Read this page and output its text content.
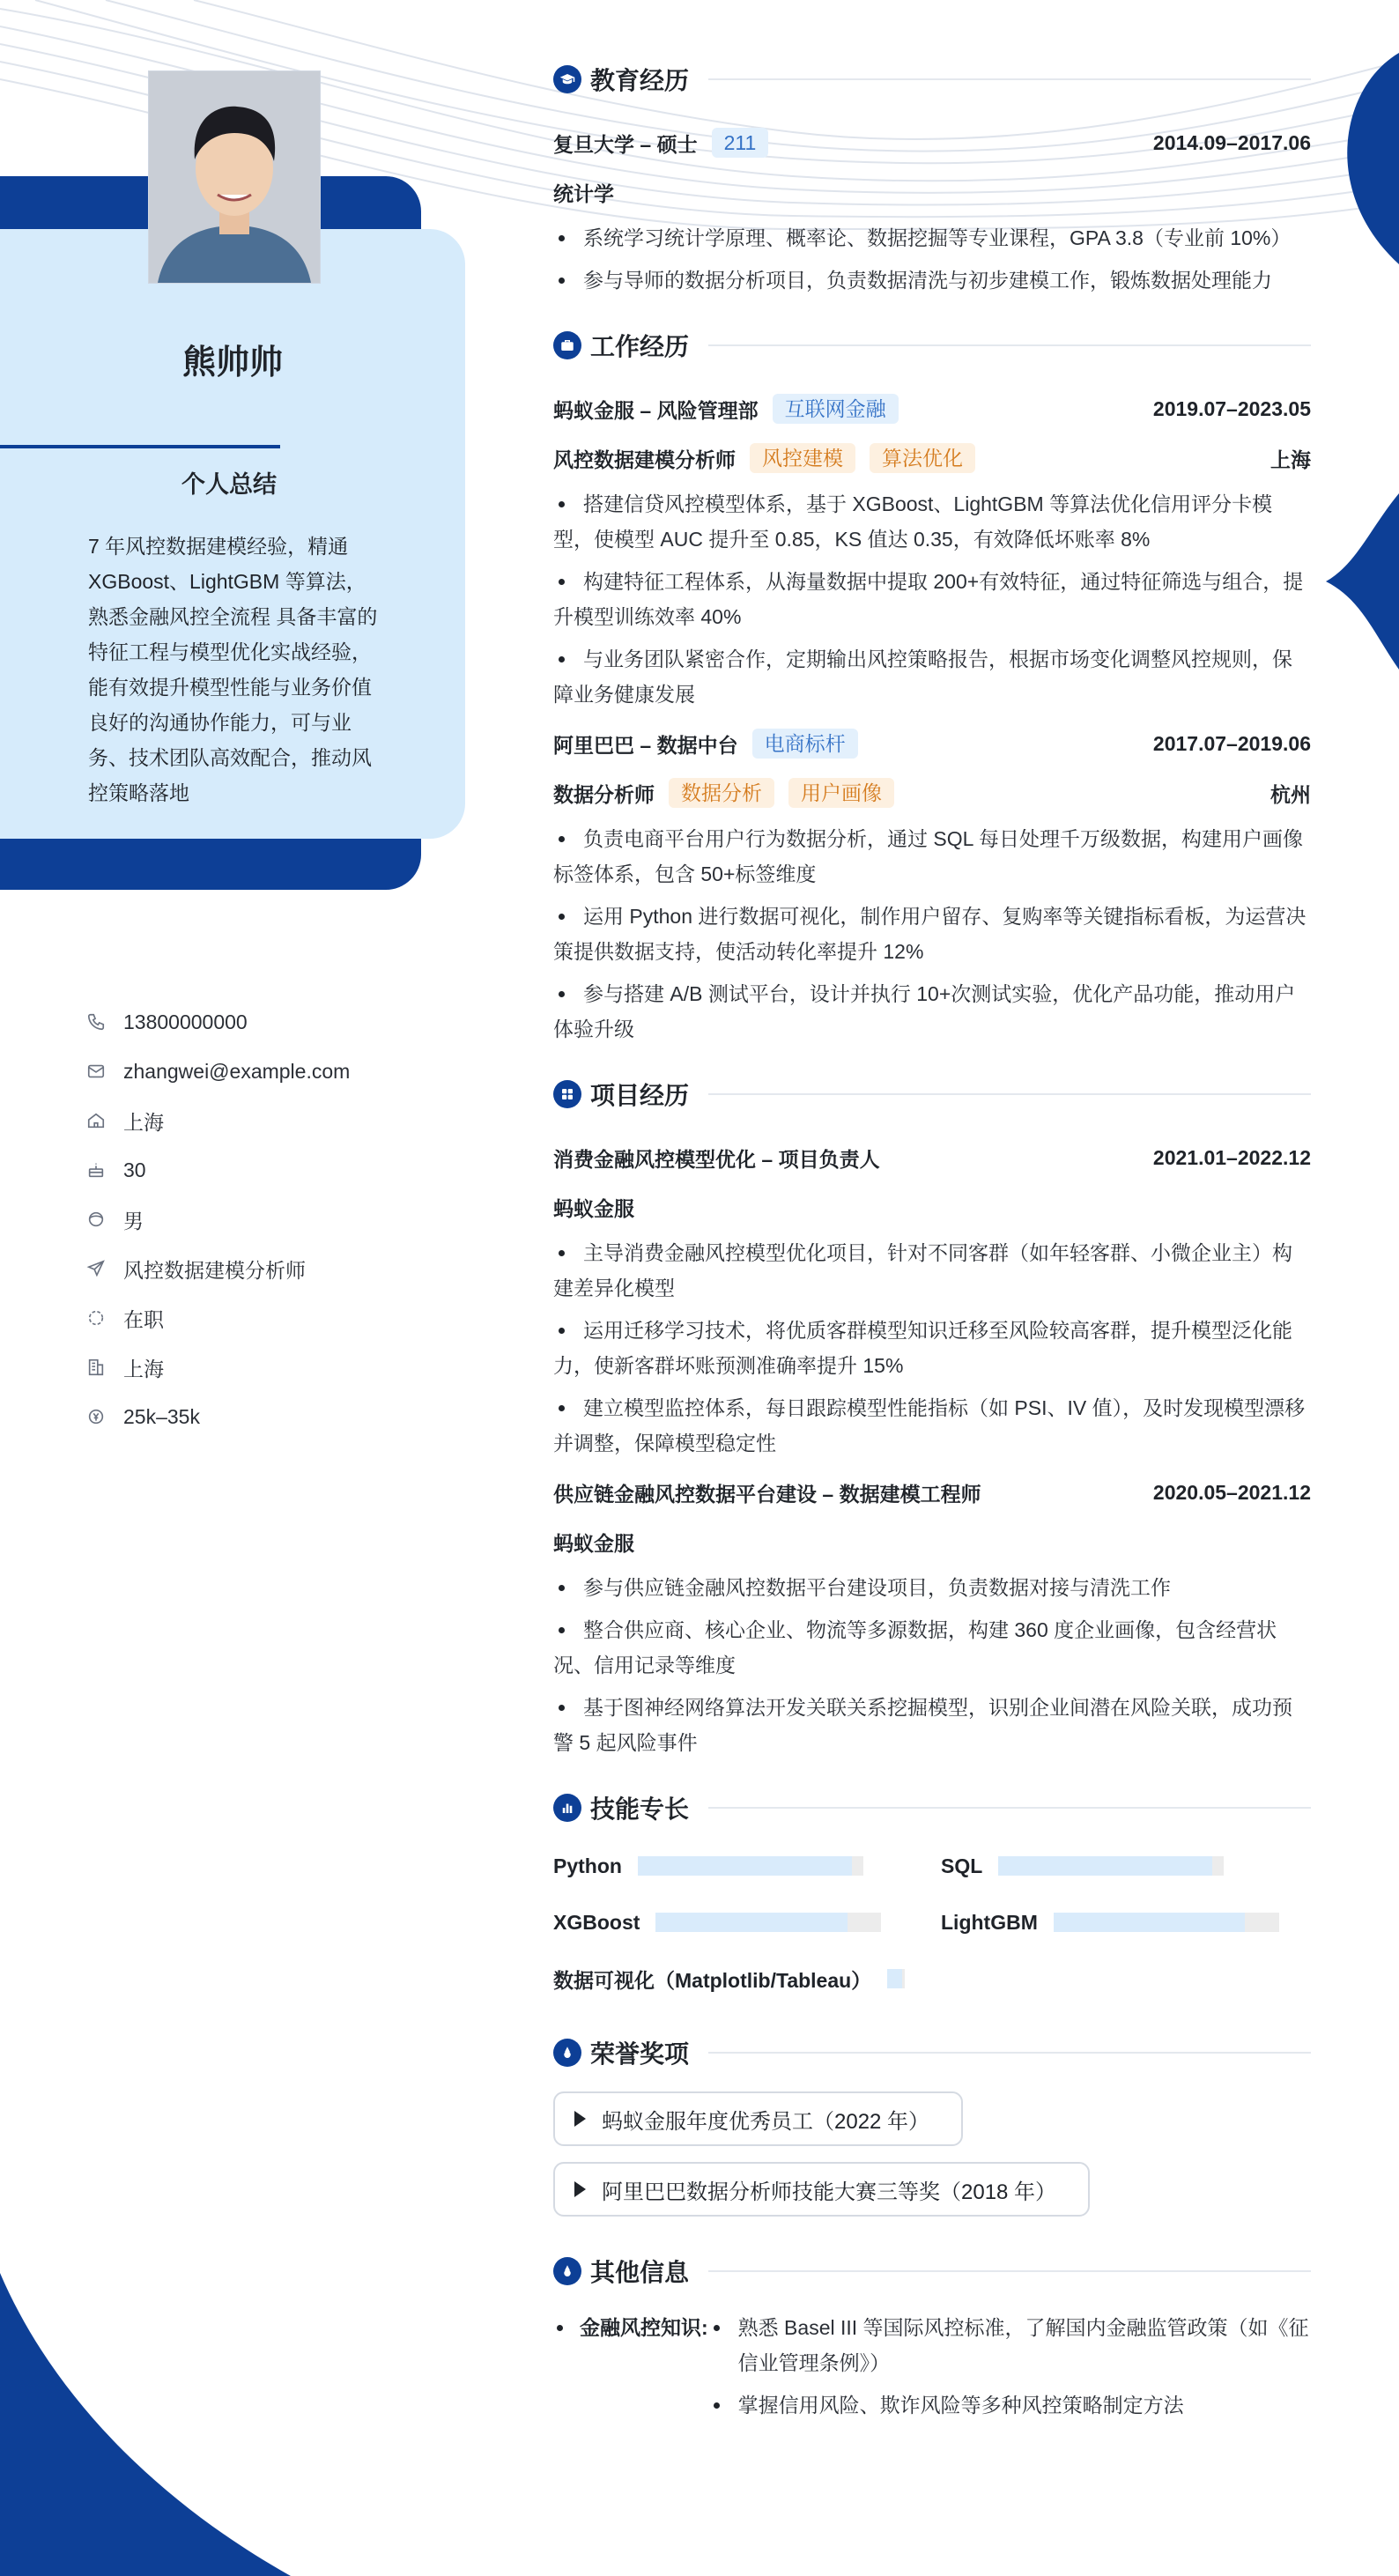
熊帅帅
个人总结
7 年风控数据建模经验，精通 XGBoost、LightGBM 等算法，熟悉金融风控全流程 具备丰富的特征工程与模型优化实战经验，能有效提升模型性能与业务价值 良好的沟通协作能力，可与业务、技术团队高效配合，推动风控策略落地
13800000000
zhangwei@example.com
上海
30
男
风控数据建模分析师
在职
上海
25k–35k
教育经历
复旦大学 – 硕士	211	2014.09–2017.06
统计学
系统学习统计学原理、概率论、数据挖掘等专业课程，GPA 3.8（专业前 10%）
参与导师的数据分析项目，负责数据清洗与初步建模工作，锻炼数据处理能力
工作经历
蚂蚁金服 – 风险管理部	互联网金融	2019.07–2023.05
风控数据建模分析师	风控建模	算法优化	上海
搭建信贷风控模型体系，基于 XGBoost、LightGBM 等算法优化信用评分卡模型，使模型 AUC 提升至 0.85，KS 值达 0.35，有效降低坏账率 8%
构建特征工程体系，从海量数据中提取 200+有效特征，通过特征筛选与组合，提升模型训练效率 40%
与业务团队紧密合作，定期输出风控策略报告，根据市场变化调整风控规则，保障业务健康发展
阿里巴巴 – 数据中台	电商标杆	2017.07–2019.06
数据分析师	数据分析	用户画像	杭州
负责电商平台用户行为数据分析，通过 SQL 每日处理千万级数据，构建用户画像标签体系，包含 50+标签维度
运用 Python 进行数据可视化，制作用户留存、复购率等关键指标看板，为运营决策提供数据支持，使活动转化率提升 12%
参与搭建 A/B 测试平台，设计并执行 10+次测试实验，优化产品功能，推动用户体验升级
项目经历
消费金融风控模型优化 – 项目负责人	2021.01–2022.12
蚂蚁金服
主导消费金融风控模型优化项目，针对不同客群（如年轻客群、小微企业主）构建差异化模型
运用迁移学习技术，将优质客群模型知识迁移至风险较高客群，提升模型泛化能力，使新客群坏账预测准确率提升 15%
建立模型监控体系，每日跟踪模型性能指标（如 PSI、IV 值），及时发现模型漂移并调整，保障模型稳定性
供应链金融风控数据平台建设 – 数据建模工程师	2020.05–2021.12
蚂蚁金服
参与供应链金融风控数据平台建设项目，负责数据对接与清洗工作
整合供应商、核心企业、物流等多源数据，构建 360 度企业画像，包含经营状况、信用记录等维度
基于图神经网络算法开发关联关系挖掘模型，识别企业间潜在风险关联，成功预警 5 起风险事件
技能专长
Python	SQL
XGBoost	LightGBM
数据可视化（Matplotlib/Tableau）
荣誉奖项
蚂蚁金服年度优秀员工（2022 年）

阿里巴巴数据分析师技能大赛三等奖（2018 年）
其他信息
金融风控知识:	熟悉 Basel III 等国际风控标准，了解国内金融监管政策（如《征信业管理条例》）
掌握信用风险、欺诈风险等多种风控策略制定方法
